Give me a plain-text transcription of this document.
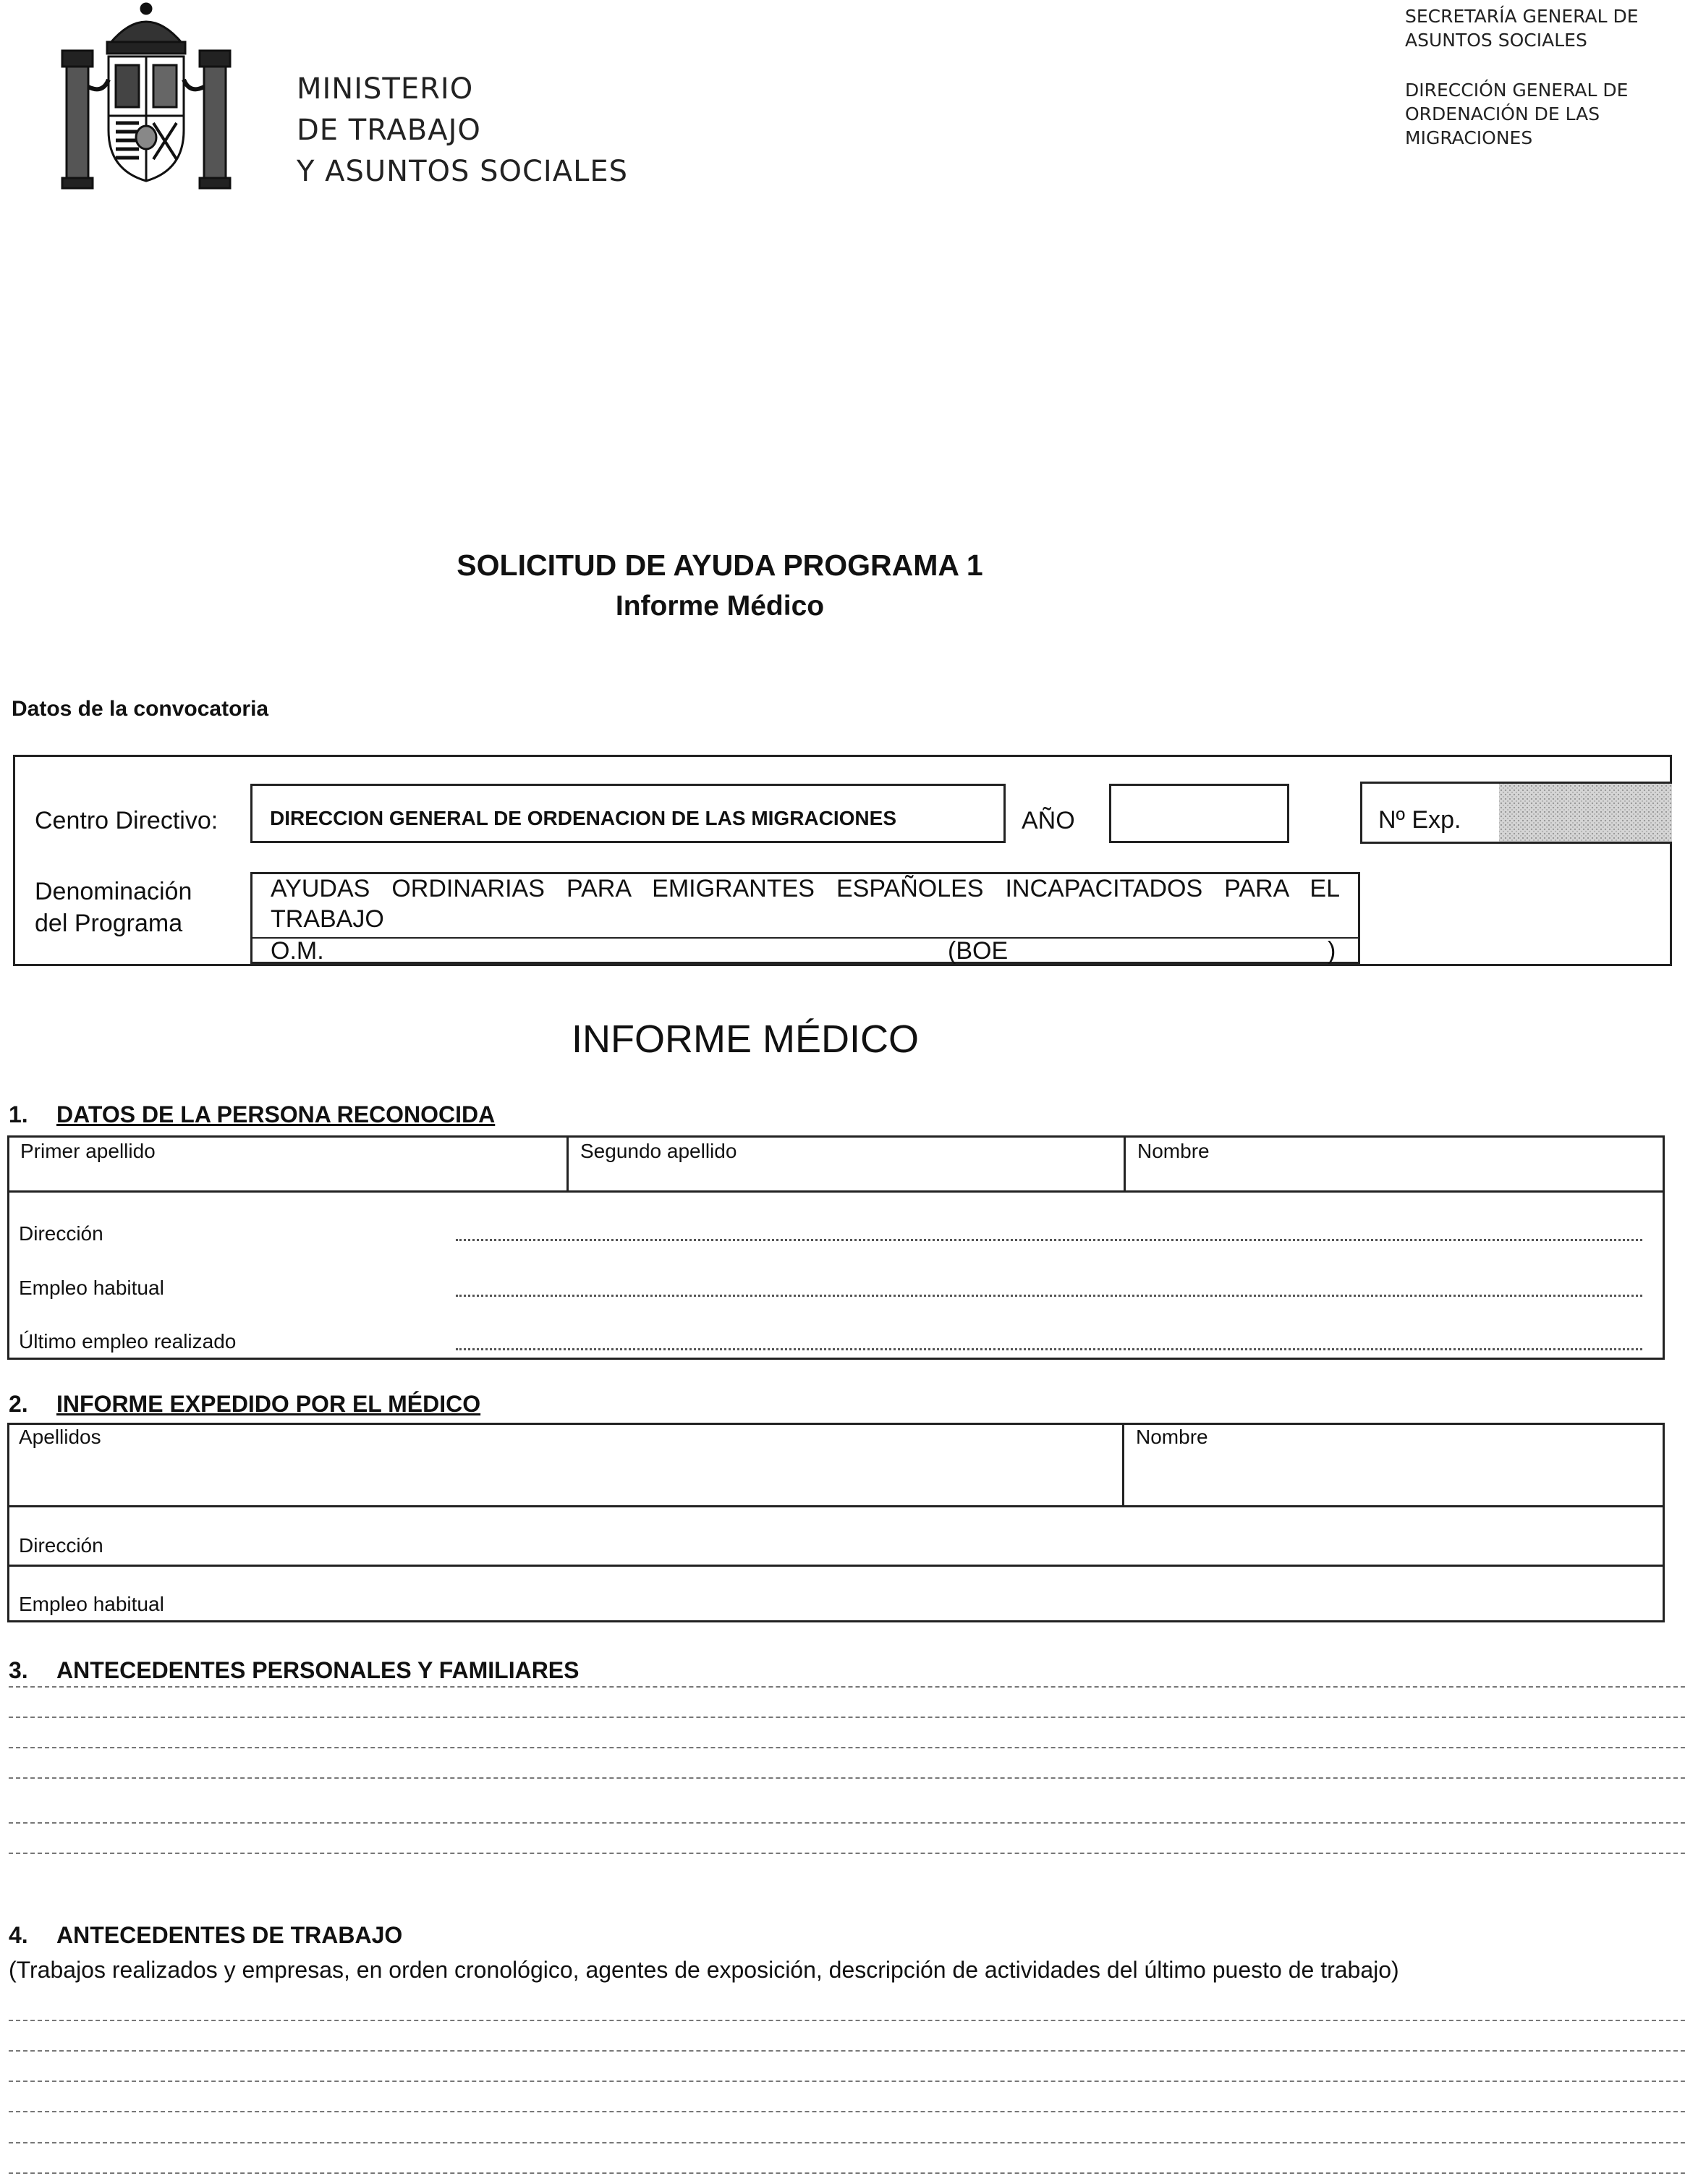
MINISTERIO
DE TRABAJO
Y ASUNTOS SOCIALES
SECRETARÍA GENERAL DE
ASUNTOS SOCIALES
DIRECCIÓN GENERAL DE
ORDENACIÓN DE LAS
MIGRACIONES
SOLICITUD DE AYUDA PROGRAMA 1
Informe Médico
Datos de la convocatoria
Centro Directivo:	DIRECCION GENERAL DE ORDENACION DE LAS MIGRACIONES	AÑO	Nº Exp.
Denominación
del Programa
AYUDAS ORDINARIAS PARA EMIGRANTES ESPAÑOLES INCAPACITADOS PARA EL TRABAJO
O.M.	(BOE	)
INFORME MÉDICO
1. DATOS DE LA PERSONA RECONOCIDA
Primer apellido	Segundo apellido	Nombre
Dirección
Empleo habitual
Último empleo realizado
2. INFORME EXPEDIDO POR EL MÉDICO
Apellidos	Nombre
Dirección
Empleo habitual
3. ANTECEDENTES PERSONALES Y FAMILIARES
4. ANTECEDENTES DE TRABAJO
(Trabajos realizados y empresas, en orden cronológico, agentes de exposición, descripción de actividades del último puesto de trabajo)
